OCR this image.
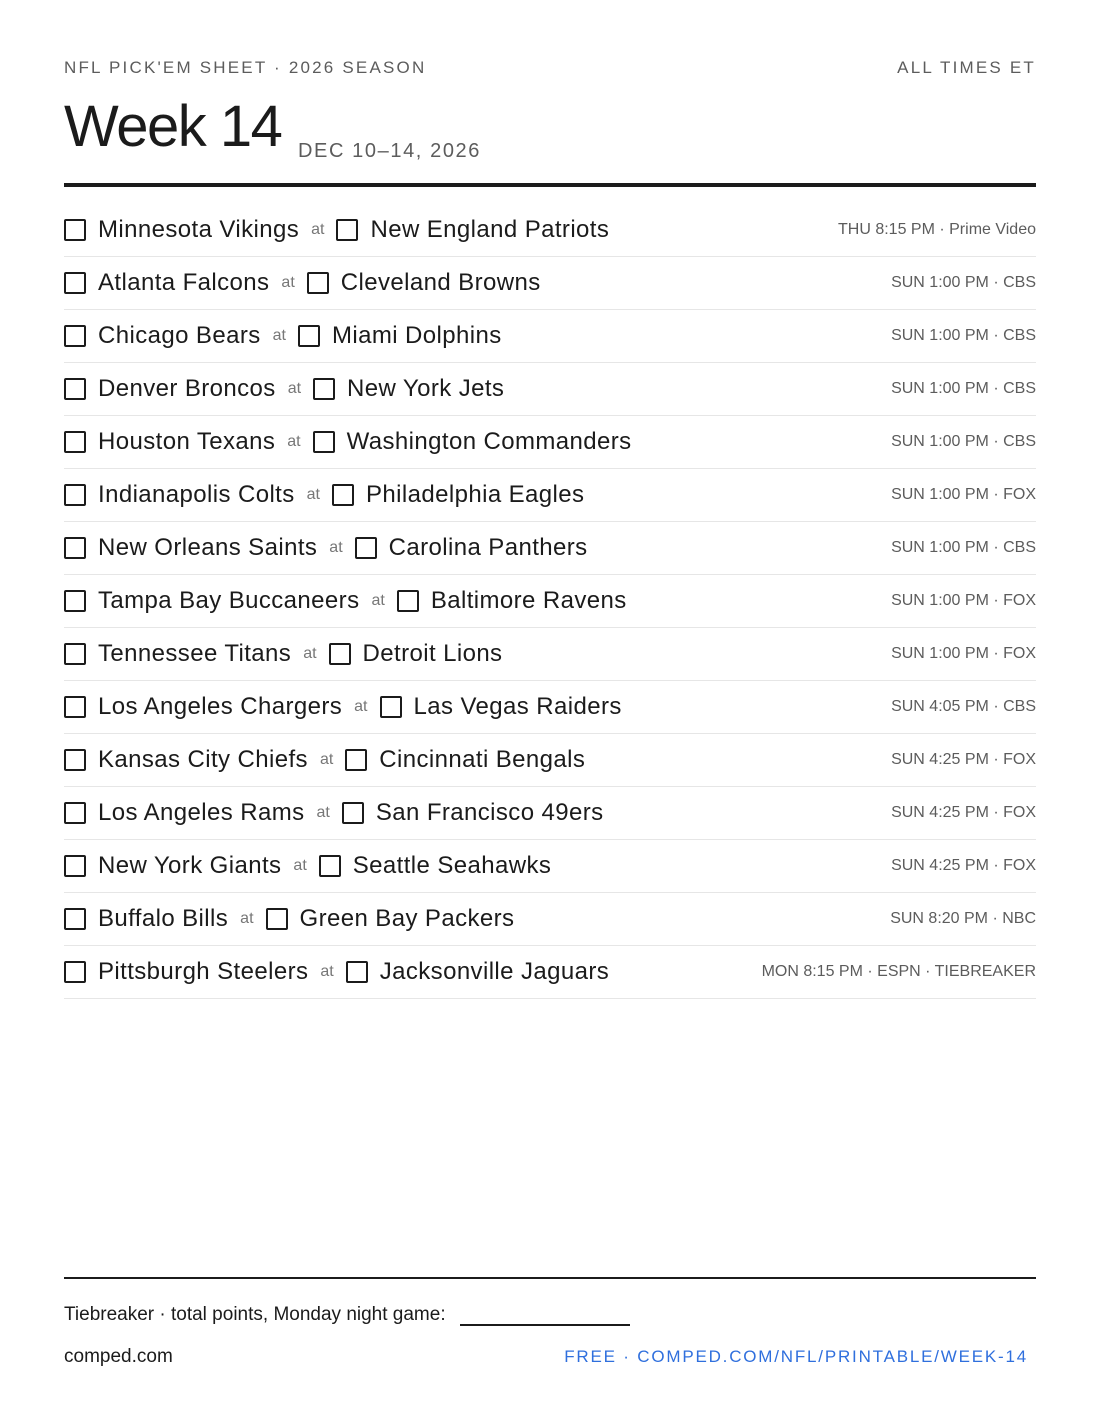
NFL PICK'EM SHEET · 2026 SEASON	ALL TIMES ET
Week 14 DEC 10–14, 2026
Minnesota Vikings at New England Patriots	THU 8:15 PM · Prime Video
Atlanta Falcons at Cleveland Browns	SUN 1:00 PM · CBS
Chicago Bears at Miami Dolphins	SUN 1:00 PM · CBS
Denver Broncos at New York Jets	SUN 1:00 PM · CBS
Houston Texans at Washington Commanders	SUN 1:00 PM · CBS
Indianapolis Colts at Philadelphia Eagles	SUN 1:00 PM · FOX
New Orleans Saints at Carolina Panthers	SUN 1:00 PM · CBS
Tampa Bay Buccaneers at Baltimore Ravens	SUN 1:00 PM · FOX
Tennessee Titans at Detroit Lions	SUN 1:00 PM · FOX
Los Angeles Chargers at Las Vegas Raiders	SUN 4:05 PM · CBS
Kansas City Chiefs at Cincinnati Bengals	SUN 4:25 PM · FOX
Los Angeles Rams at San Francisco 49ers	SUN 4:25 PM · FOX
New York Giants at Seattle Seahawks	SUN 4:25 PM · FOX
Buffalo Bills at Green Bay Packers	SUN 8:20 PM · NBC
Pittsburgh Steelers at Jacksonville Jaguars	MON 8:15 PM · ESPN · TIEBREAKER
Tiebreaker · total points, Monday night game:
comped.com	FREE · COMPED.COM/NFL/PRINTABLE/WEEK-14
